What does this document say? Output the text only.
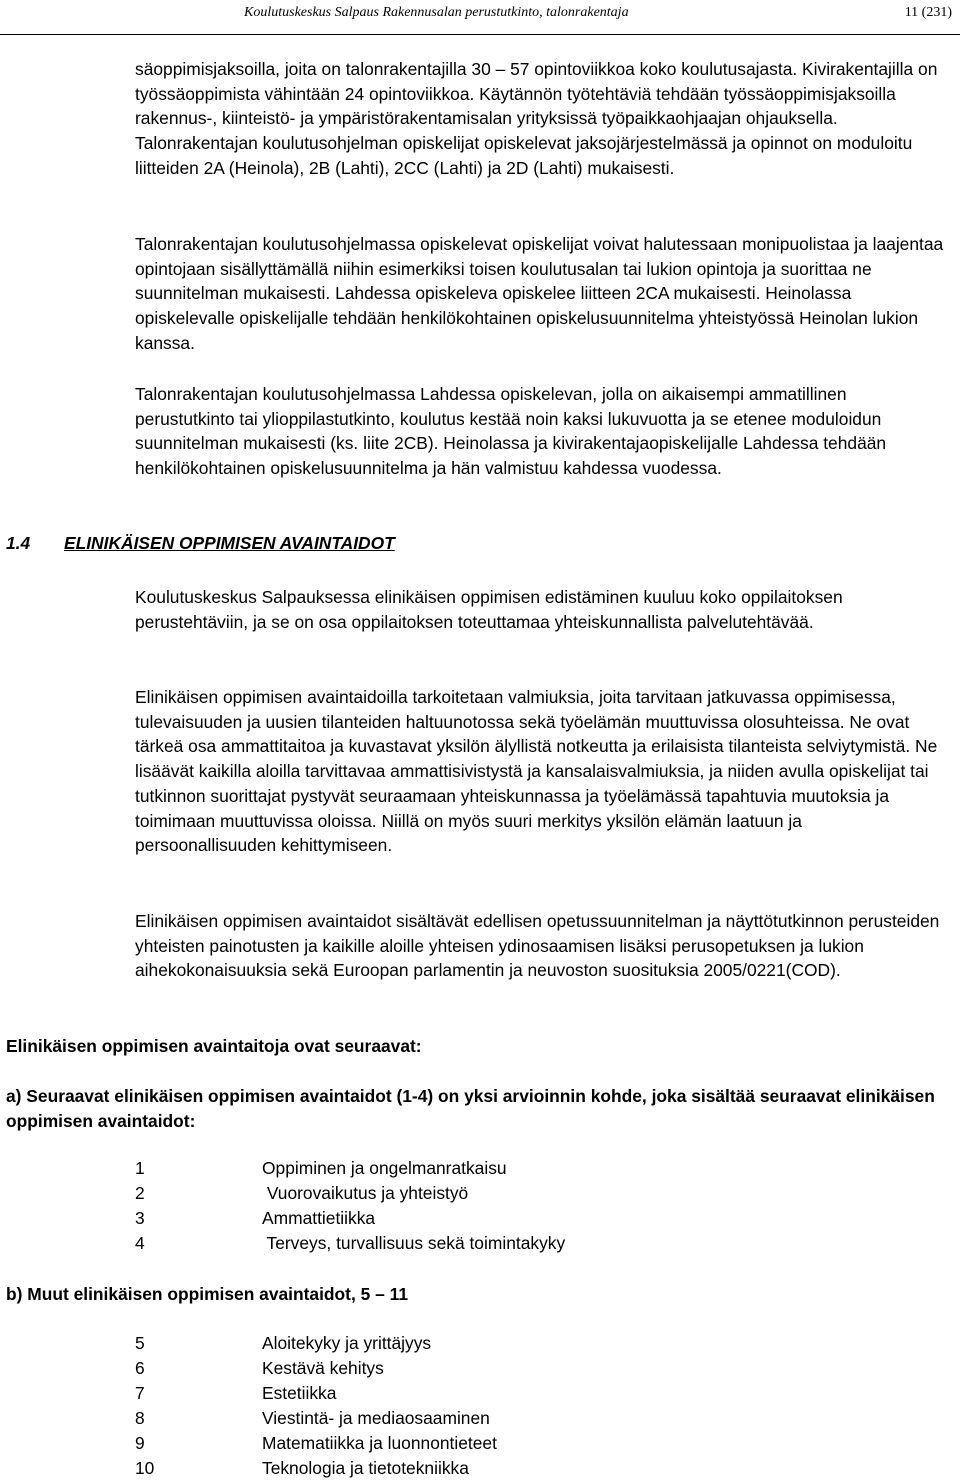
Koulutuskeskus Salpaus Rakennusalan perustutkinto, talonrakentaja	11 (231)
säoppimisjaksoilla, joita on talonrakentajilla 30 – 57 opintoviikkoa koko koulutusajasta. Kivirakentajilla on työssäoppimista vähintään 24 opintoviikkoa. Käytännön työtehtäviä tehdään työssäoppimisjaksoilla rakennus-, kiinteistö- ja ympäristörakentamisalan yrityksissä työpaikkaohjaajan ohjauksella. Talonrakentajan koulutusohjelman opiskelijat opiskelevat jaksojärjestelmässä ja opinnot on moduloitu liitteiden 2A (Heinola), 2B (Lahti), 2CC (Lahti) ja 2D (Lahti) mukaisesti.
Talonrakentajan koulutusohjelmassa opiskelevat opiskelijat voivat halutessaan monipuolistaa ja laajentaa opintojaan sisällyttämällä niihin esimerkiksi toisen koulutusalan tai lukion opintoja ja suorittaa ne suunnitelman mukaisesti. Lahdessa opiskeleva opiskelee liitteen 2CA mukaisesti. Heinolassa opiskelevalle opiskelijalle tehdään henkilökohtainen opiskelusuunnitelma yhteistyössä Heinolan lukion kanssa.
Talonrakentajan koulutusohjelmassa Lahdessa opiskelevan, jolla on aikaisempi ammatillinen perustutkinto tai ylioppilastutkinto, koulutus kestää noin kaksi lukuvuotta ja se etenee moduloidun suunnitelman mukaisesti (ks. liite 2CB). Heinolassa ja kivirakentajaopiskelijalle Lahdessa tehdään henkilökohtainen opiskelusuunnitelma ja hän valmistuu kahdessa vuodessa.
1.4 ELINIKÄISEN OPPIMISEN AVAINTAIDOT
Koulutuskeskus Salpauksessa elinikäisen oppimisen edistäminen kuuluu koko oppilaitoksen perustehtäviin, ja se on osa oppilaitoksen toteuttamaa yhteiskunnallista palvelutehtävää.
Elinikäisen oppimisen avaintaidoilla tarkoitetaan valmiuksia, joita tarvitaan jatkuvassa oppimisessa, tulevaisuuden ja uusien tilanteiden haltuunotossa sekä työelämän muuttuvissa olosuhteissa. Ne ovat tärkeä osa ammattitaitoa ja kuvastavat yksilön älyllistä notkeutta ja erilaisista tilanteista selviytymistä. Ne lisäävät kaikilla aloilla tarvittavaa ammattisivistystä ja kansalaisvalmiuksia, ja niiden avulla opiskelijat tai tutkinnon suorittajat pystyvät seuraamaan yhteiskunnassa ja työelämässä tapahtuvia muutoksia ja toimimaan muuttuvissa oloissa. Niillä on myös suuri merkitys yksilön elämän laatuun ja persoonallisuuden kehittymiseen.
Elinikäisen oppimisen avaintaidot sisältävät edellisen opetussuunnitelman ja näyttötutkinnon perusteiden yhteisten painotusten ja kaikille aloille yhteisen ydinosaamisen lisäksi perusopetuksen ja lukion aihekokonaisuuksia sekä Euroopan parlamentin ja neuvoston suosituksia 2005/0221(COD).
Elinikäisen oppimisen avaintaitoja ovat seuraavat:
a) Seuraavat elinikäisen oppimisen avaintaidot (1-4) on yksi arvioinnin kohde, joka sisältää seuraavat elinikäisen oppimisen avaintaidot:
1	Oppiminen ja ongelmanratkaisu
2	Vuorovaikutus ja yhteistyö
3	Ammattietiikka
4	Terveys, turvallisuus sekä toimintakyky
b) Muut elinikäisen oppimisen avaintaidot, 5 – 11
5	Aloitekyky ja yrittäjyys
6	Kestävä kehitys
7	Estetiikka
8	Viestintä- ja mediaosaaminen
9	Matematiikka ja luonnontieteet
10	Teknologia ja tietotekniikka
